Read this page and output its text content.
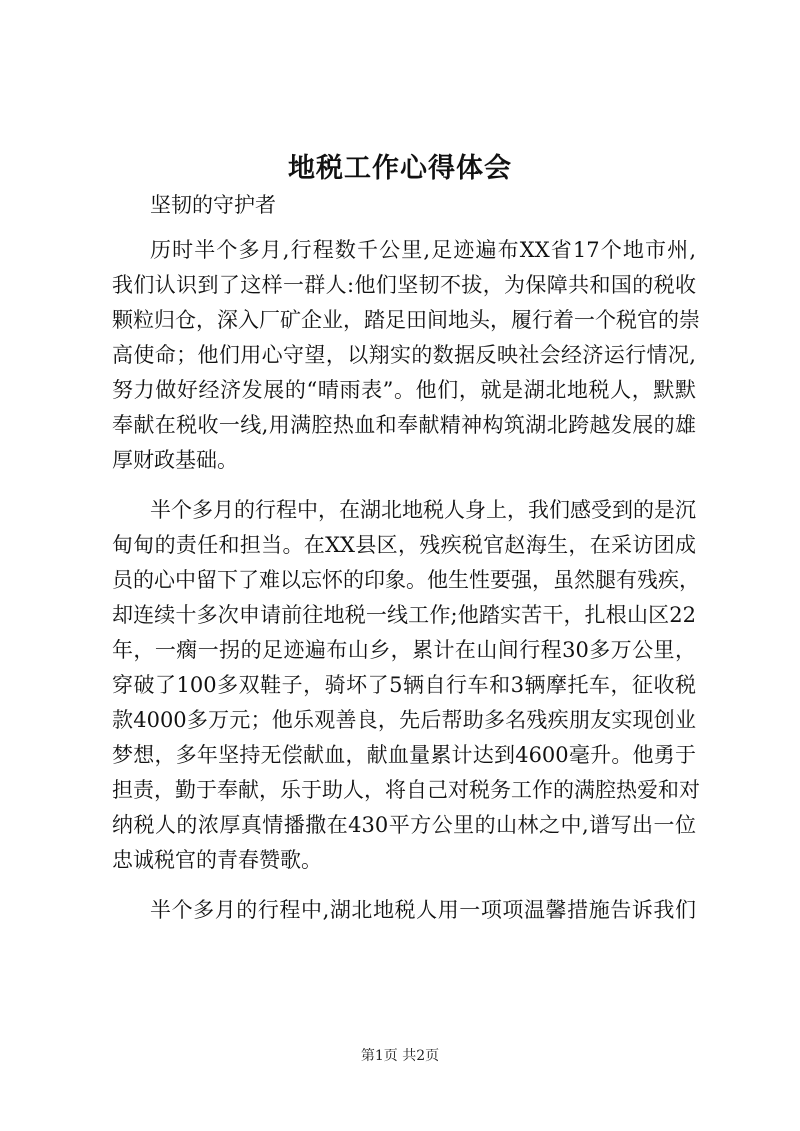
地税工作心得体会
坚韧的守护者
历时半个多月,行程数千公里,足迹遍布XX省17个地市州,
我们认识到了这样一群人:他们坚韧不拔，为保障共和国的税收
颗粒归仓，深入厂矿企业，踏足田间地头，履行着一个税官的崇
高使命；他们用心守望，以翔实的数据反映社会经济运行情况,
努力做好经济发展的“晴雨表”。他们，就是湖北地税人，默默
奉献在税收一线,用满腔热血和奉献精神构筑湖北跨越发展的雄
厚财政基础。
半个多月的行程中，在湖北地税人身上，我们感受到的是沉
甸甸的责任和担当。在XX县区，残疾税官赵海生，在采访团成
员的心中留下了难以忘怀的印象。他生性要强，虽然腿有残疾，
却连续十多次申请前往地税一线工作;他踏实苦干，扎根山区22
年，一瘸一拐的足迹遍布山乡，累计在山间行程30多万公里，
穿破了100多双鞋子，骑坏了5辆自行车和3辆摩托车，征收税
款4000多万元；他乐观善良，先后帮助多名残疾朋友实现创业
梦想，多年坚持无偿献血，献血量累计达到4600毫升。他勇于
担责，勤于奉献，乐于助人，将自己对税务工作的满腔热爱和对
纳税人的浓厚真情播撒在430平方公里的山林之中,谱写出一位
忠诚税官的青春赞歌。
半个多月的行程中,湖北地税人用一项项温馨措施告诉我们
第1页 共2页
